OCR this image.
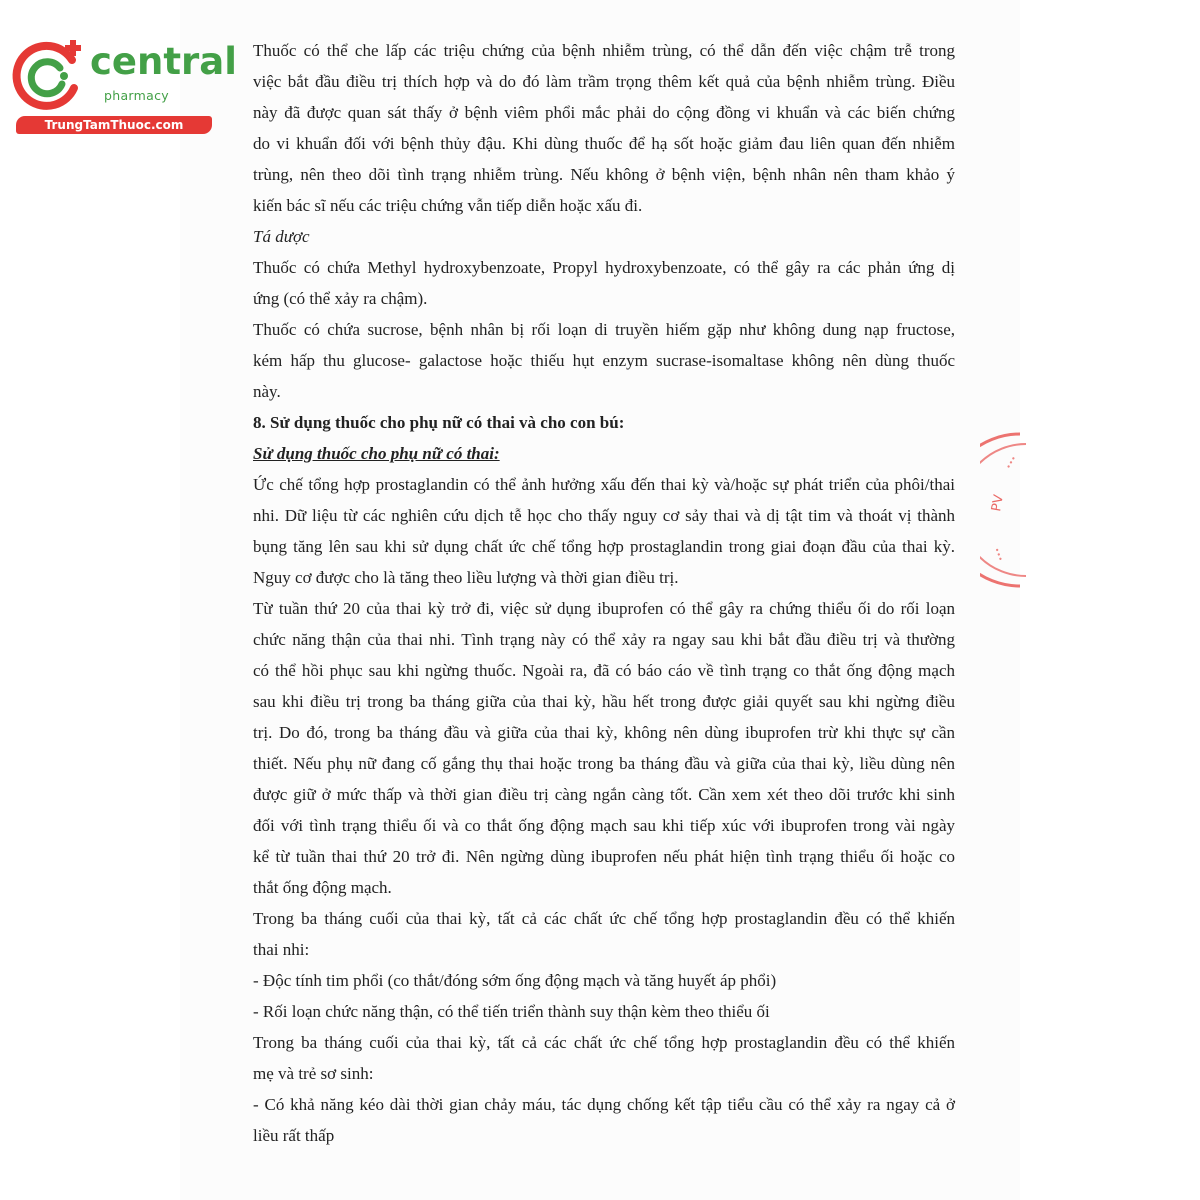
central
pharmacy
TrungTamThuoc.com
PV
•••
•••

Thuốc có thể che lấp các triệu chứng của bệnh nhiễm trùng, có thể dẫn đến việc chậm trễ trong

việc bắt đầu điều trị thích hợp và do đó làm trầm trọng thêm kết quả của bệnh nhiễm trùng. Điều

này đã được quan sát thấy ở bệnh viêm phổi mắc phải do cộng đồng vi khuẩn và các biến chứng

do vi khuẩn đối với bệnh thủy đậu. Khi dùng thuốc để hạ sốt hoặc giảm đau liên quan đến nhiễm

trùng, nên theo dõi tình trạng nhiễm trùng. Nếu không ở bệnh viện, bệnh nhân nên tham khảo ý

kiến bác sĩ nếu các triệu chứng vẫn tiếp diễn hoặc xấu đi.

Tá dược

Thuốc có chứa Methyl hydroxybenzoate, Propyl hydroxybenzoate, có thể gây ra các phản ứng dị

ứng (có thể xảy ra chậm).

Thuốc có chứa sucrose, bệnh nhân bị rối loạn di truyền hiếm gặp như không dung nạp fructose,

kém hấp thu glucose- galactose hoặc thiếu hụt enzym sucrase-isomaltase không nên dùng thuốc

này.

8. Sử dụng thuốc cho phụ nữ có thai và cho con bú:

Sử dụng thuốc cho phụ nữ có thai:

Ức chế tổng hợp prostaglandin có thể ảnh hưởng xấu đến thai kỳ và/hoặc sự phát triển của phôi/thai

nhi. Dữ liệu từ các nghiên cứu dịch tễ học cho thấy nguy cơ sảy thai và dị tật tim và thoát vị thành

bụng tăng lên sau khi sử dụng chất ức chế tổng hợp prostaglandin trong giai đoạn đầu của thai kỳ.

Nguy cơ được cho là tăng theo liều lượng và thời gian điều trị.

Từ tuần thứ 20 của thai kỳ trở đi, việc sử dụng ibuprofen có thể gây ra chứng thiểu ối do rối loạn

chức năng thận của thai nhi. Tình trạng này có thể xảy ra ngay sau khi bắt đầu điều trị và thường

có thể hồi phục sau khi ngừng thuốc. Ngoài ra, đã có báo cáo về tình trạng co thắt ống động mạch

sau khi điều trị trong ba tháng giữa của thai kỳ, hầu hết trong được giải quyết sau khi ngừng điều

trị. Do đó, trong ba tháng đầu và giữa của thai kỳ, không nên dùng ibuprofen trừ khi thực sự cần

thiết. Nếu phụ nữ đang cố gắng thụ thai hoặc trong ba tháng đầu và giữa của thai kỳ, liều dùng nên

được giữ ở mức thấp và thời gian điều trị càng ngắn càng tốt. Cần xem xét theo dõi trước khi sinh

đối với tình trạng thiểu ối và co thắt ống động mạch sau khi tiếp xúc với ibuprofen trong vài ngày

kể từ tuần thai thứ 20 trở đi. Nên ngừng dùng ibuprofen nếu phát hiện tình trạng thiểu ối hoặc co

thắt ống động mạch.

Trong ba tháng cuối của thai kỳ, tất cả các chất ức chế tổng hợp prostaglandin đều có thể khiến

thai nhi:

- Độc tính tim phổi (co thắt/đóng sớm ống động mạch và tăng huyết áp phổi)

- Rối loạn chức năng thận, có thể tiến triển thành suy thận kèm theo thiểu ối

Trong ba tháng cuối của thai kỳ, tất cả các chất ức chế tổng hợp prostaglandin đều có thể khiến

mẹ và trẻ sơ sinh:

- Có khả năng kéo dài thời gian chảy máu, tác dụng chống kết tập tiểu cầu có thể xảy ra ngay cả ở

liều rất thấp
